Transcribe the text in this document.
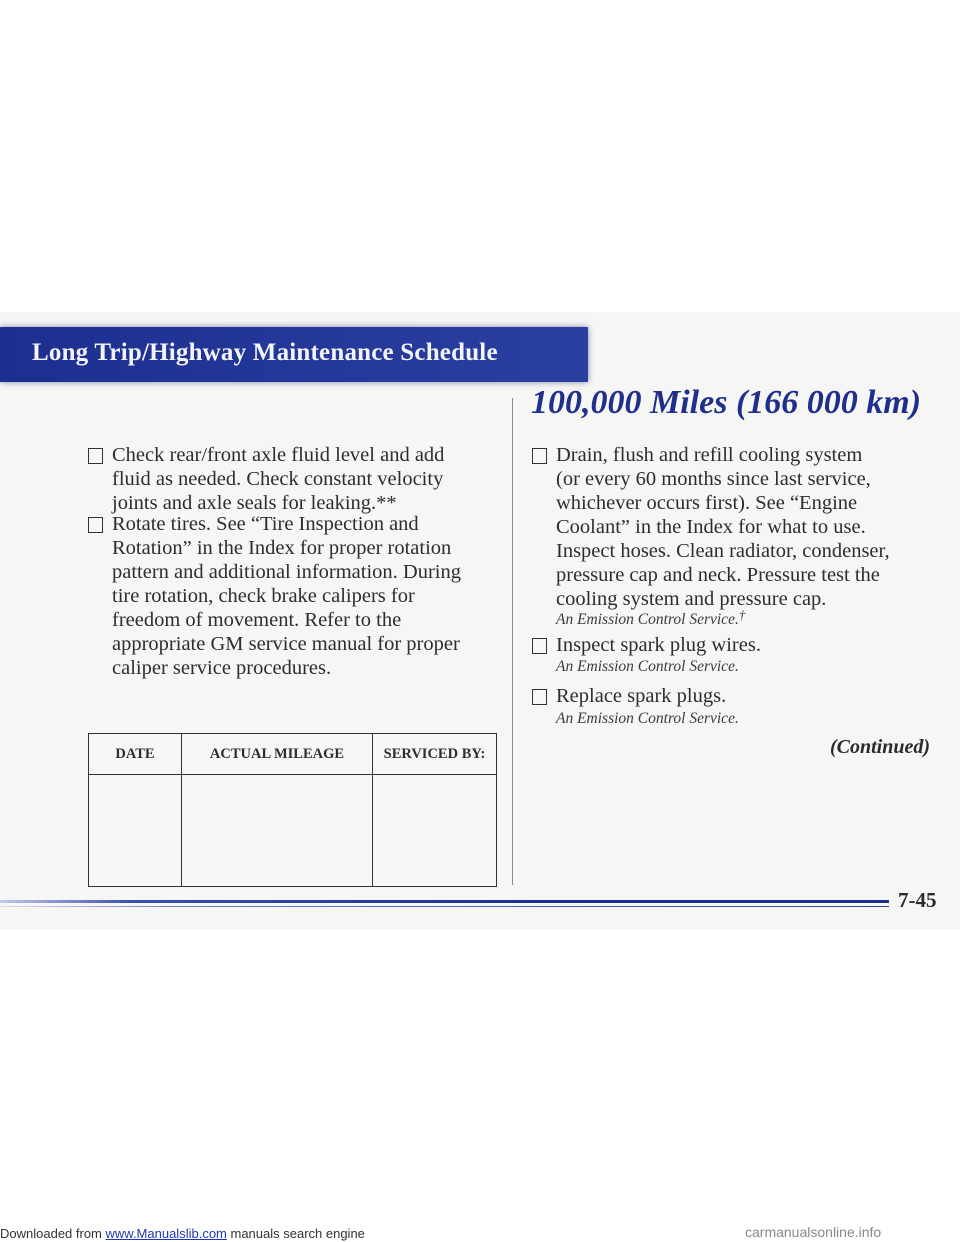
Long Trip/Highway Maintenance Schedule
Check rear/front axle fluid level and add
fluid as needed. Check constant velocity
joints and axle seals for leaking.**
Rotate tires. See “Tire Inspection and
Rotation” in the Index for proper rotation
pattern and additional information. During
tire rotation, check brake calipers for
freedom of movement. Refer to the
appropriate GM service manual for proper
caliper service procedures.
DATE	ACTUAL MILEAGE	SERVICED BY:

100,000 Miles (166 000 km)
Drain, flush and refill cooling system
(or every 60 months since last service,
whichever occurs first). See “Engine
Coolant” in the Index for what to use.
Inspect hoses. Clean radiator, condenser,
pressure cap and neck. Pressure test the
cooling system and pressure cap.
An Emission Control Service.†
Inspect spark plug wires.
An Emission Control Service.
Replace spark plugs.
An Emission Control Service.
(Continued)
7-45
Downloaded from www.Manualslib.com manuals search engine	carmanualsonline.info
